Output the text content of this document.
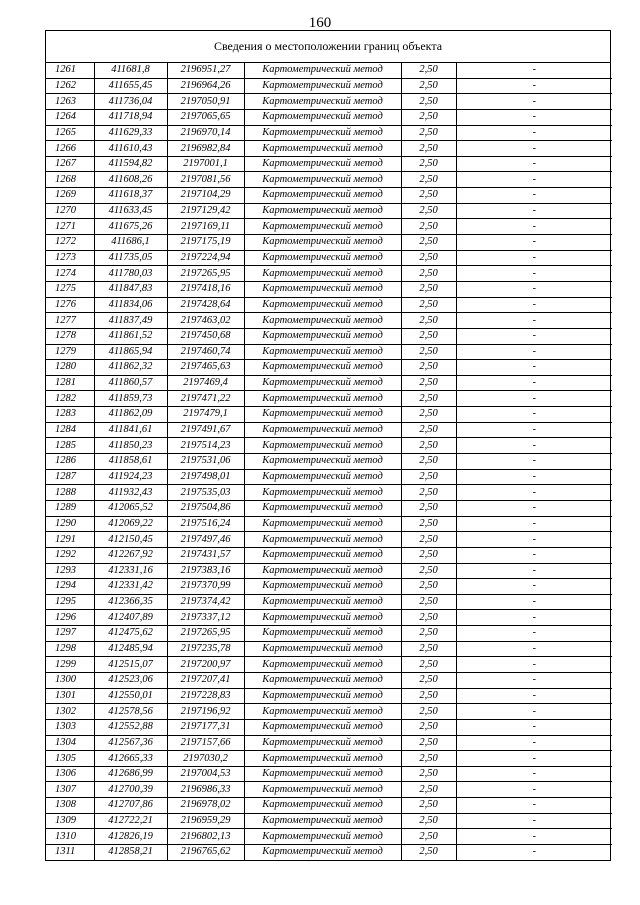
160
Сведения о местоположении границ объекта
1261	411681,8	2196951,27	Картометрический метод	2,50	-
1262	411655,45	2196964,26	Картометрический метод	2,50	-
1263	411736,04	2197050,91	Картометрический метод	2,50	-
1264	411718,94	2197065,65	Картометрический метод	2,50	-
1265	411629,33	2196970,14	Картометрический метод	2,50	-
1266	411610,43	2196982,84	Картометрический метод	2,50	-
1267	411594,82	2197001,1	Картометрический метод	2,50	-
1268	411608,26	2197081,56	Картометрический метод	2,50	-
1269	411618,37	2197104,29	Картометрический метод	2,50	-
1270	411633,45	2197129,42	Картометрический метод	2,50	-
1271	411675,26	2197169,11	Картометрический метод	2,50	-
1272	411686,1	2197175,19	Картометрический метод	2,50	-
1273	411735,05	2197224,94	Картометрический метод	2,50	-
1274	411780,03	2197265,95	Картометрический метод	2,50	-
1275	411847,83	2197418,16	Картометрический метод	2,50	-
1276	411834,06	2197428,64	Картометрический метод	2,50	-
1277	411837,49	2197463,02	Картометрический метод	2,50	-
1278	411861,52	2197450,68	Картометрический метод	2,50	-
1279	411865,94	2197460,74	Картометрический метод	2,50	-
1280	411862,32	2197465,63	Картометрический метод	2,50	-
1281	411860,57	2197469,4	Картометрический метод	2,50	-
1282	411859,73	2197471,22	Картометрический метод	2,50	-
1283	411862,09	2197479,1	Картометрический метод	2,50	-
1284	411841,61	2197491,67	Картометрический метод	2,50	-
1285	411850,23	2197514,23	Картометрический метод	2,50	-
1286	411858,61	2197531,06	Картометрический метод	2,50	-
1287	411924,23	2197498,01	Картометрический метод	2,50	-
1288	411932,43	2197535,03	Картометрический метод	2,50	-
1289	412065,52	2197504,86	Картометрический метод	2,50	-
1290	412069,22	2197516,24	Картометрический метод	2,50	-
1291	412150,45	2197497,46	Картометрический метод	2,50	-
1292	412267,92	2197431,57	Картометрический метод	2,50	-
1293	412331,16	2197383,16	Картометрический метод	2,50	-
1294	412331,42	2197370,99	Картометрический метод	2,50	-
1295	412366,35	2197374,42	Картометрический метод	2,50	-
1296	412407,89	2197337,12	Картометрический метод	2,50	-
1297	412475,62	2197265,95	Картометрический метод	2,50	-
1298	412485,94	2197235,78	Картометрический метод	2,50	-
1299	412515,07	2197200,97	Картометрический метод	2,50	-
1300	412523,06	2197207,41	Картометрический метод	2,50	-
1301	412550,01	2197228,83	Картометрический метод	2,50	-
1302	412578,56	2197196,92	Картометрический метод	2,50	-
1303	412552,88	2197177,31	Картометрический метод	2,50	-
1304	412567,36	2197157,66	Картометрический метод	2,50	-
1305	412665,33	2197030,2	Картометрический метод	2,50	-
1306	412686,99	2197004,53	Картометрический метод	2,50	-
1307	412700,39	2196986,33	Картометрический метод	2,50	-
1308	412707,86	2196978,02	Картометрический метод	2,50	-
1309	412722,21	2196959,29	Картометрический метод	2,50	-
1310	412826,19	2196802,13	Картометрический метод	2,50	-
1311	412858,21	2196765,62	Картометрический метод	2,50	-
